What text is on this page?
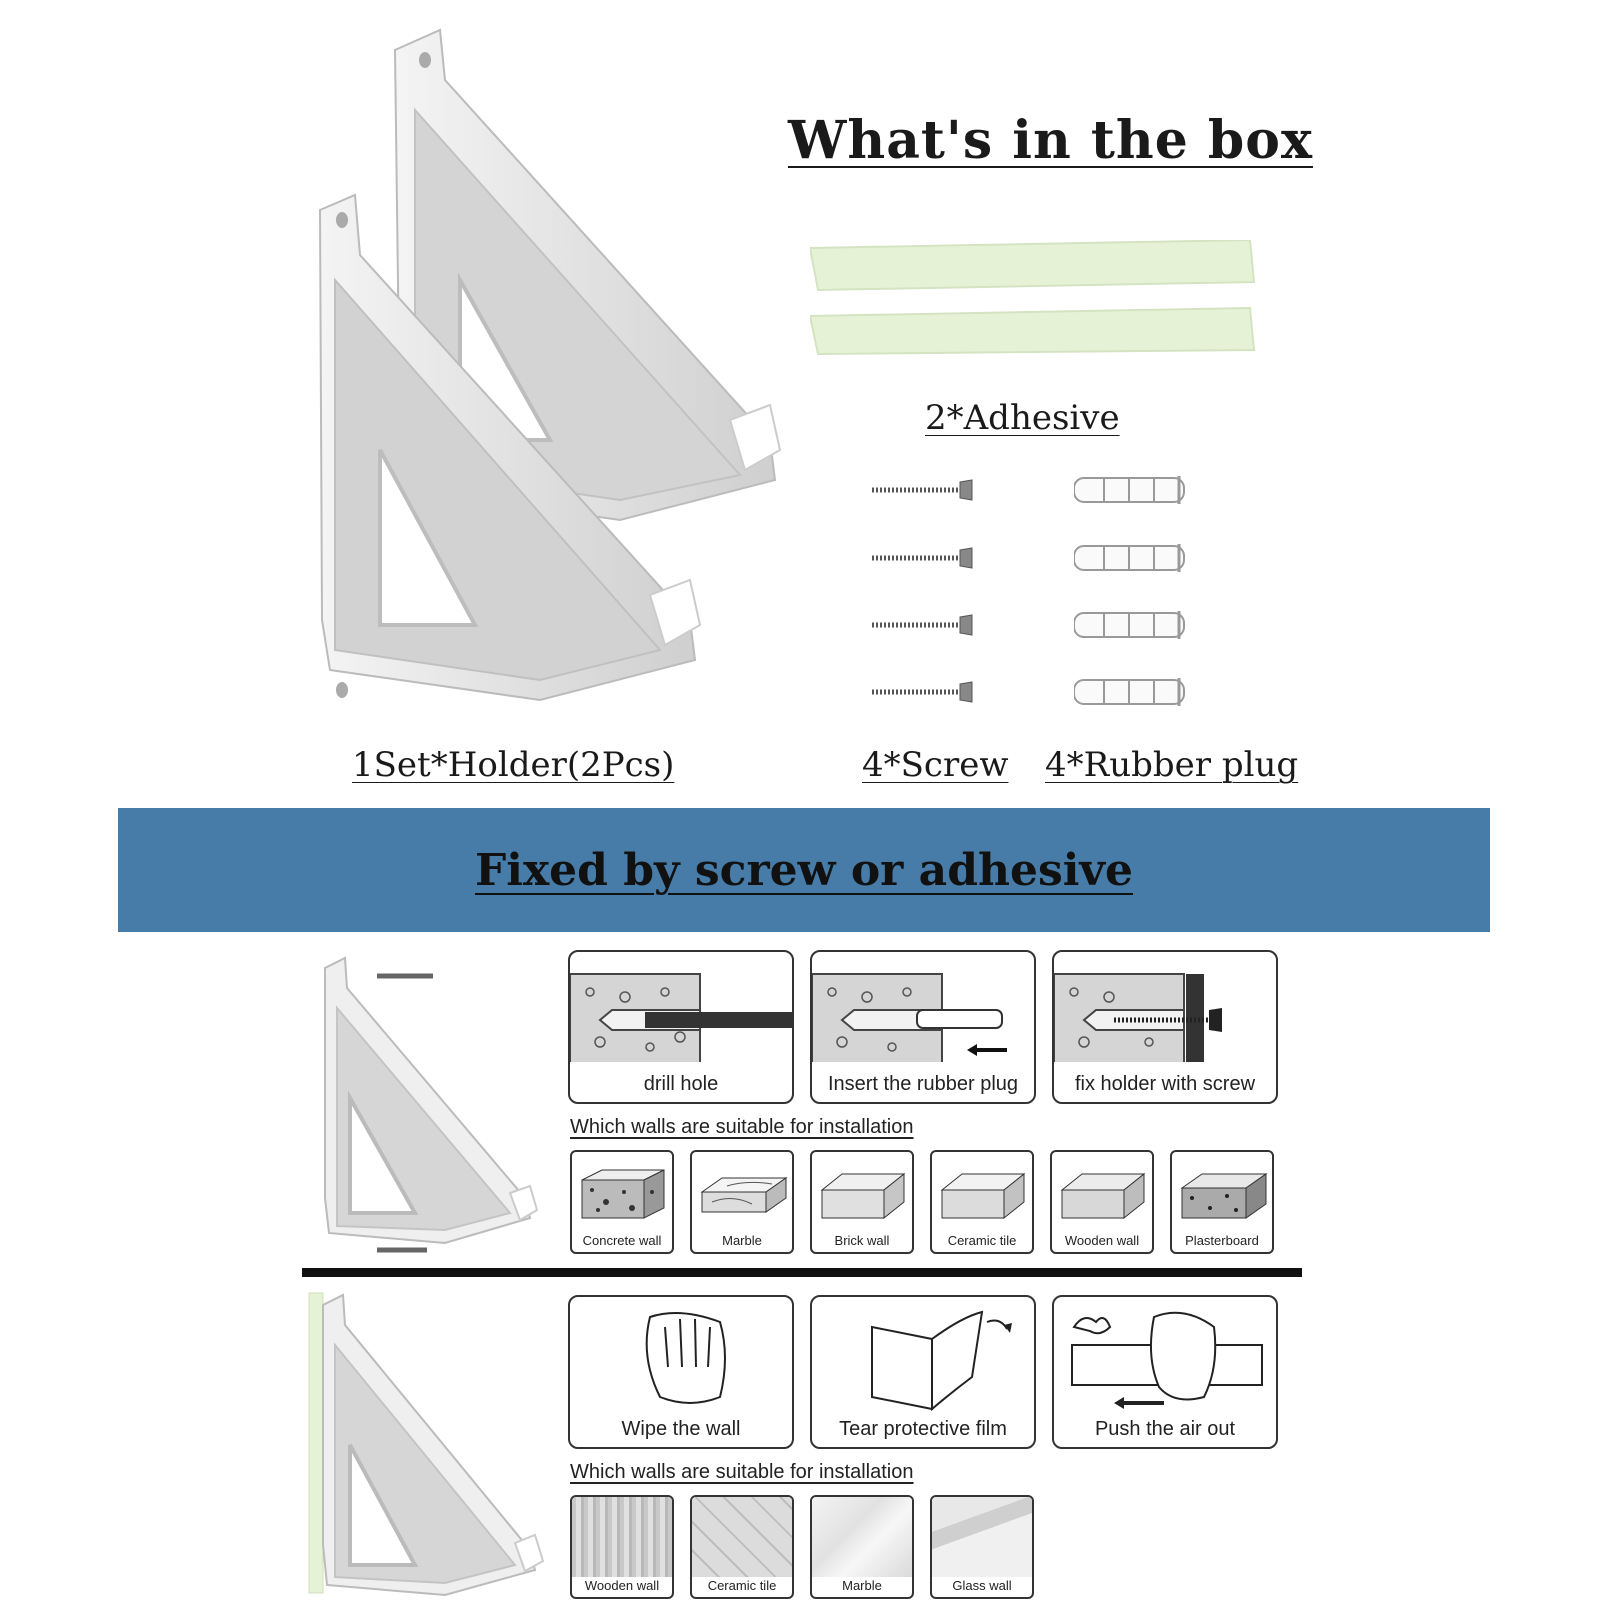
What's in the box
2*Adhesive
1Set*Holder(2Pcs)	4*Screw 4*Rubber plug
Fixed by screw or adhesive
drill hole	Insert the rubber plug	fix holder with screw
Which walls are suitable for installation
Concrete wall	Marble	Brick wall	Ceramic tile	Wooden wall	Plasterboard
Wipe the wall	Tear protective film	Push the air out
Which walls are suitable for installation
Wooden wall	Ceramic tile	Marble	Glass wall
